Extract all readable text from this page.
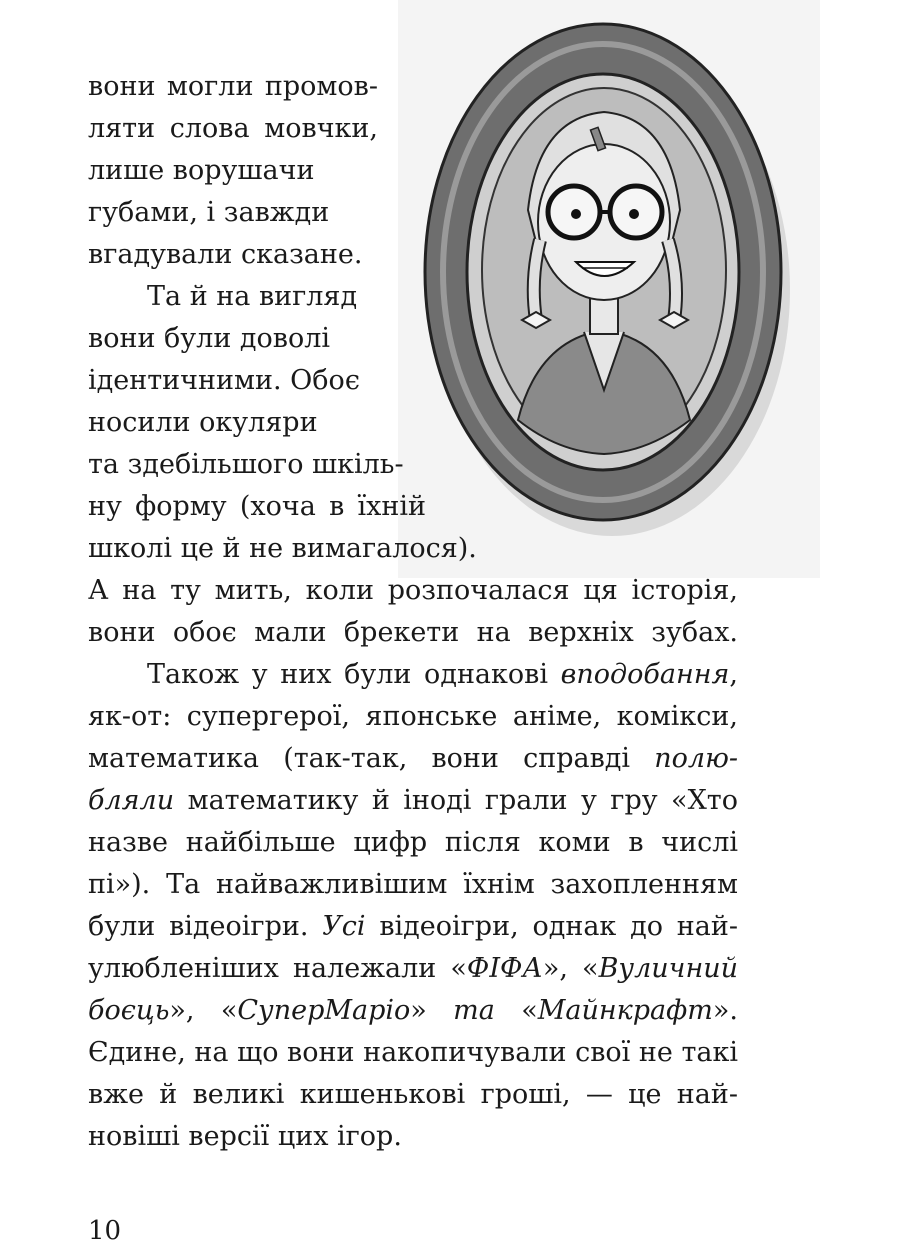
вони могли промов-

ляти слова мовчки,

лише ворушачи

губами, і завжди

вгадували сказане.

Та й на вигляд

вони були доволі

ідентичними. Обоє

носили окуляри

та здебільшого шкіль-

ну форму (хоча в їхній

школі це й не вимагалося).

А на ту мить, коли розпочалася ця історія,

вони обоє мали брекети на верхніх зубах.

Також у них були однакові вподобання,

як-от: супергерої, японське аніме, комікси,

математика (так-так, вони справді полю-

бляли математику й іноді грали у гру «Хто

назве найбільше цифр після коми в числі

пі»). Та найважливішим їхнім захопленням

були відеоігри. Усі відеоігри, однак до най-

улюбленіших належали «ФІФА», «Вуличний

боєць», «СуперМаріо» та «Майнкрафт».

Єдине, на що вони накопичували свої не такі

вже й великі кишенькові гроші, — це най-

новіші версії цих ігор.

10
